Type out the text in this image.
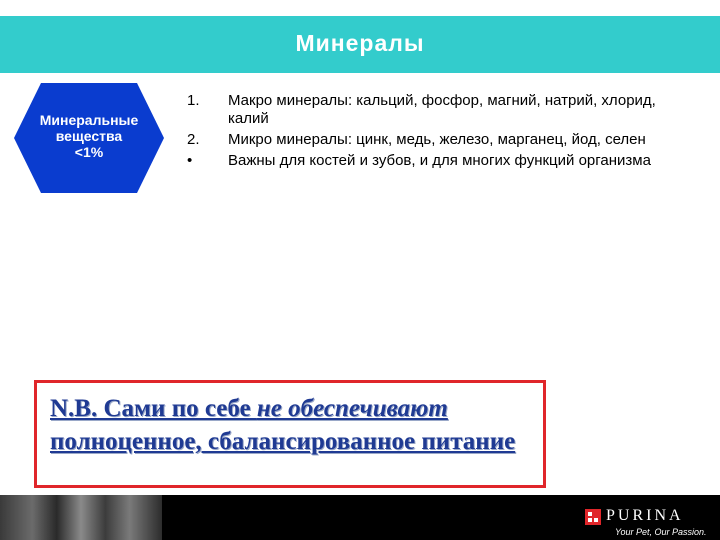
Минералы
Минеральные
вещества
<1%
1. Макро минералы: кальций, фосфор, магний, натрий, хлорид, калий
2. Микро минералы: цинк, медь, железо, марганец, йод, селен
• Важны для костей и зубов, и для многих функций организма
N.B. Сами по себе не обеспечивают полноценное, сбалансированное питание
PURINA
Your Pet, Our Passion.
